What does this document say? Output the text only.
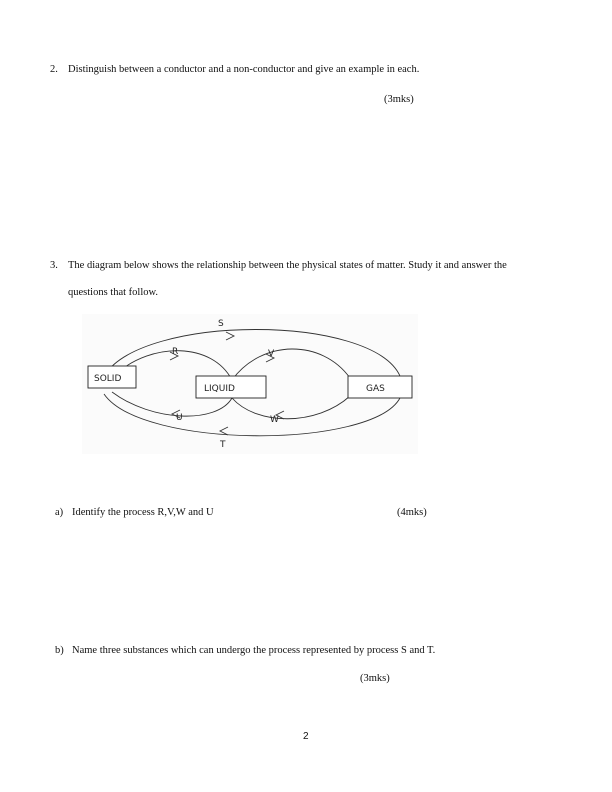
2. Distinguish between a conductor and a non-conductor and give an example in each.
(3mks)
3. The diagram below shows the relationship between the physical states of matter. Study it and answer the
questions that follow.
SOLID
LIQUID	GAS
S
R	V
U	W
T
a) Identify the process R,V,W and U	(4mks)
b) Name three substances which can undergo the process represented by process S and T.
(3mks)
2
